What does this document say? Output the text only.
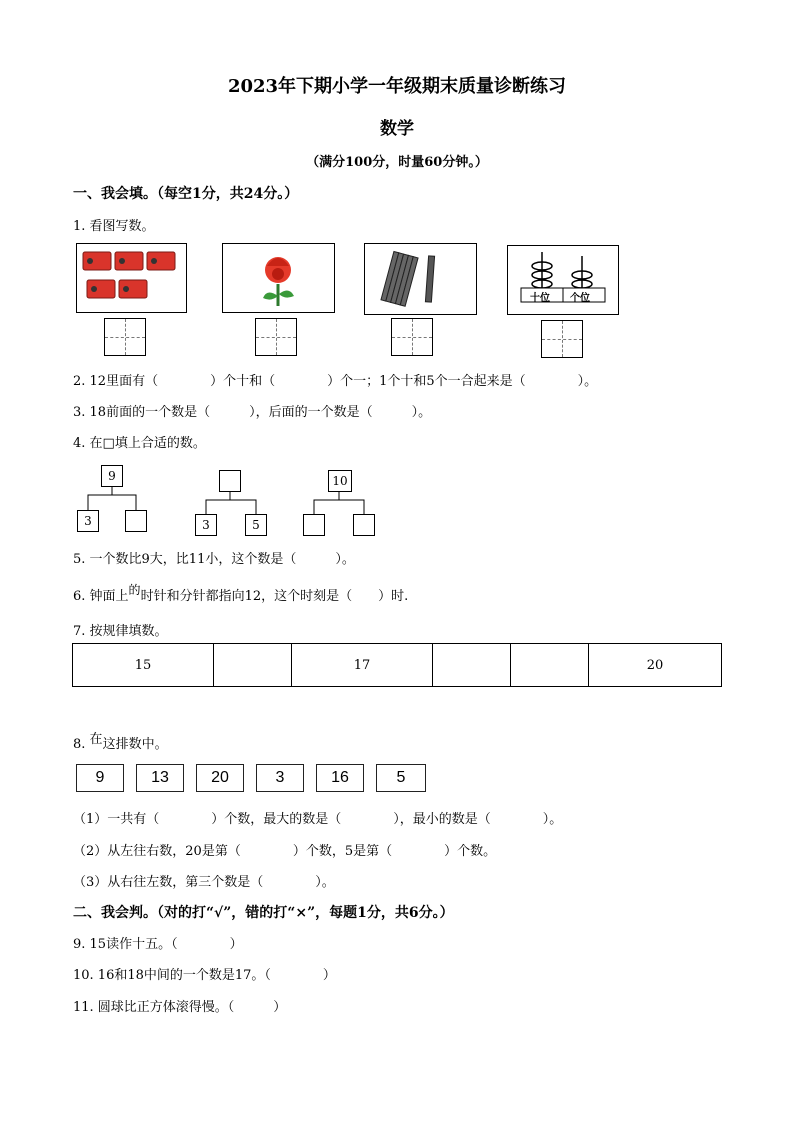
2023年下期小学一年级期末质量诊断练习
数学
（满分100分，时量60分钟。）
一、我会填。（每空1分，共24分。）
1. 看图写数。
十位 个位
2. 12里面有（　　　　）个十和（　　　　）个一；1个十和5个一合起来是（　　　　）。
3. 18前面的一个数是（　　　），后面的一个数是（　　　）。
4. 在□填上合适的数。
9
3	3	5
10
5. 一个数比9大，比11小，这个数是（　　　）。
6. 钟面上的时针和分针都指向12，这个时刻是（　　）时.
7. 按规律填数。
15		17			20
8. 在这排数中。
9	13	20	3	16	5
（1）一共有（　　　　）个数，最大的数是（　　　　），最小的数是（　　　　）。
（2）从左往右数，20是第（　　　　）个数，5是第（　　　　）个数。
（3）从右往左数，第三个数是（　　　　）。
二、我会判。（对的打“√”，错的打“×”，每题1分，共6分。）
9. 15读作十五。（　　　　）
10. 16和18中间的一个数是17。（　　　　）
11. 圆球比正方体滚得慢。（　　　）
